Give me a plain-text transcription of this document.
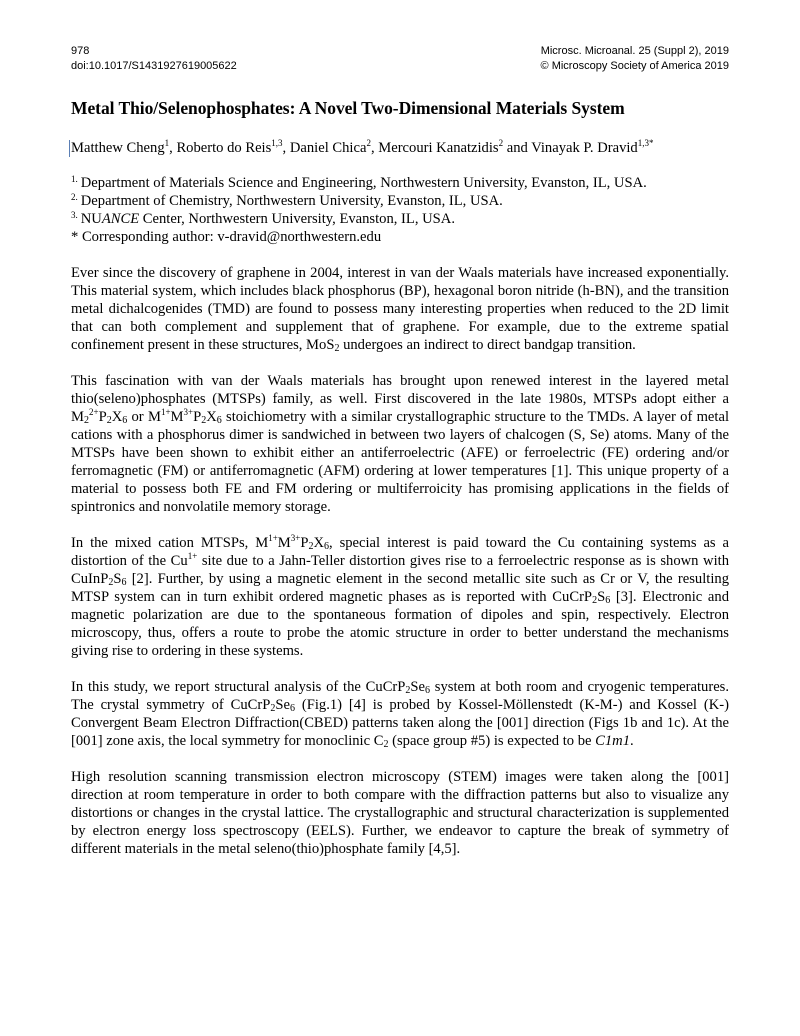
978
doi:10.1017/S1431927619005622
Microsc. Microanal. 25 (Suppl 2), 2019
© Microscopy Society of America 2019
Metal Thio/Selenophosphates: A Novel Two-Dimensional Materials System
Matthew Cheng$^1$, Roberto do Reis$^{1,3}$, Daniel Chica$^2$, Mercouri Kanatzidis$^2$ and Vinayak P. Dravid$^{1,3*}$
$^{1.}$ Department of Materials Science and Engineering, Northwestern University, Evanston, IL, USA.
$^{2.}$ Department of Chemistry, Northwestern University, Evanston, IL, USA.
$^{3.}$ NUANCE Center, Northwestern University, Evanston, IL, USA.
* Corresponding author: v-dravid@northwestern.edu

Ever since the discovery of graphene in 2004, interest in van der Waals materials have increased exponentially. This material system, which includes black phosphorus (BP), hexagonal boron nitride (h-BN), and the transition metal dichalcogenides (TMD) are found to possess many interesting properties when reduced to the 2D limit that can both complement and supplement that of graphene. For example, due to the extreme spatial confinement present in these structures, MoS$_2$ undergoes an indirect to direct bandgap transition.

This fascination with van der Waals materials has brought upon renewed interest in the layered metal thio(seleno)phosphates (MTSPs) family, as well. First discovered in the late 1980s, MTSPs adopt either a $M_2^{2+}P_2X_6$ or $M^{1+}M^{3+}P_2X_6$ stoichiometry with a similar crystallographic structure to the TMDs. A layer of metal cations with a phosphorus dimer is sandwiched in between two layers of chalcogen (S, Se) atoms. Many of the MTSPs have been shown to exhibit either an antiferroelectric (AFE) or ferroelectric (FE) ordering and/or ferromagnetic (FM) or antiferromagnetic (AFM) ordering at lower temperatures [1]. This unique property of a material to possess both FE and FM ordering or multiferroicity has promising applications in the fields of spintronics and nonvolatile memory storage.

In the mixed cation MTSPs, $M^{1+}M^{3+}P_2X_6$, special interest is paid toward the Cu containing systems as a distortion of the $Cu^{1+}$ site due to a Jahn-Teller distortion gives rise to a ferroelectric response as is shown with $CuInP_2S_6$ [2]. Further, by using a magnetic element in the second metallic site such as Cr or V, the resulting MTSP system can in turn exhibit ordered magnetic phases as is reported with $CuCrP_2S_6$ [3]. Electronic and magnetic polarization are due to the spontaneous formation of dipoles and spin, respectively. Electron microscopy, thus, offers a route to probe the atomic structure in order to better understand the mechanisms giving rise to ordering in these systems.

In this study, we report structural analysis of the $CuCrP_2Se_6$ system at both room and cryogenic temperatures. The crystal symmetry of $CuCrP_2Se_6$ (Fig.1) [4] is probed by Kossel-Möllenstedt (K-M-) and Kossel (K-) Convergent Beam Electron Diffraction(CBED) patterns taken along the [001] direction (Figs 1b and 1c). At the [001] zone axis, the local symmetry for monoclinic $C_2$ (space group #5) is expected to be C1m1.

High resolution scanning transmission electron microscopy (STEM) images were taken along the [001] direction at room temperature in order to both compare with the diffraction patterns but also to visualize any distortions or changes in the crystal lattice. The crystallographic and structural characterization is supplemented by electron energy loss spectroscopy (EELS). Further, we endeavor to capture the break of symmetry of different materials in the metal seleno(thio)phosphate family [4,5].
